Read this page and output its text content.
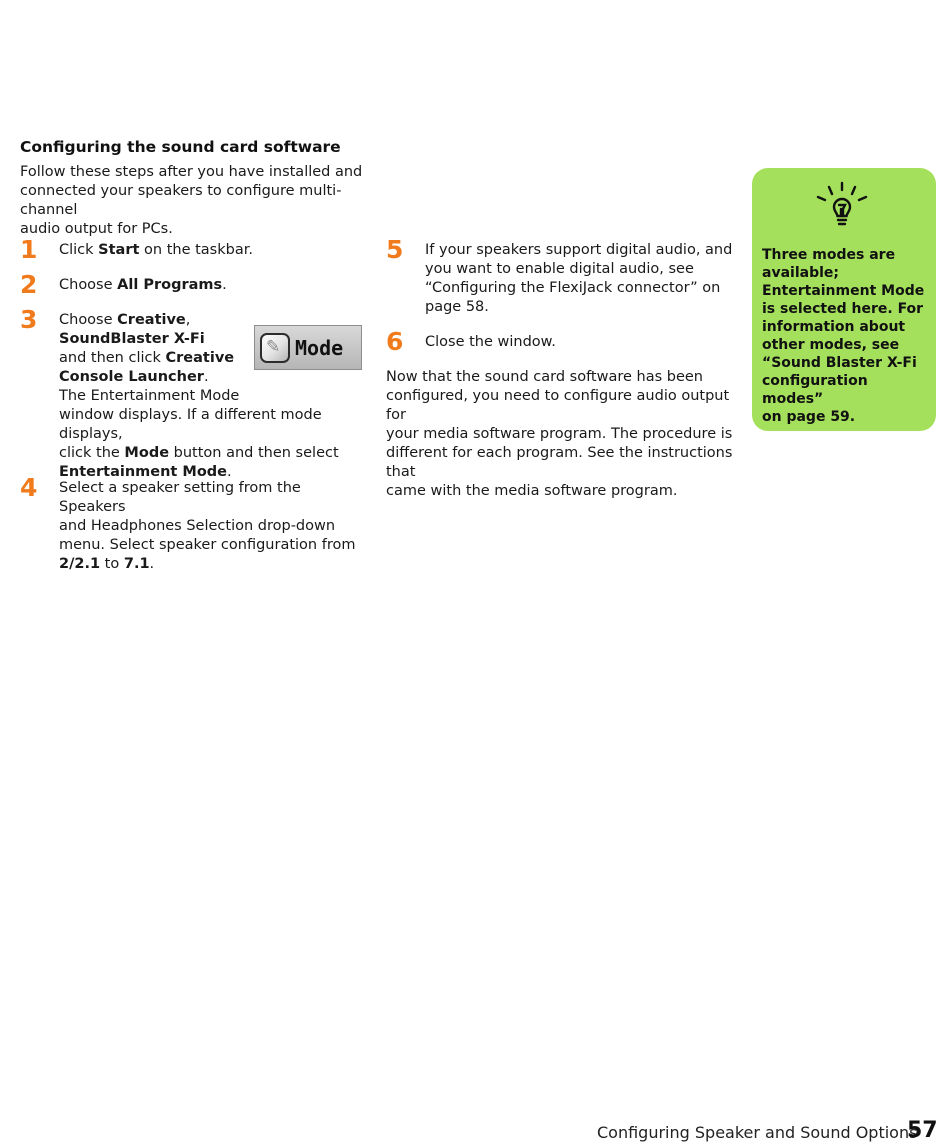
Configuring the sound card software
Follow these steps after you have installed and
connected your speakers to configure multi-channel
audio output for PCs.
1 Click Start on the taskbar.
2 Choose All Programs.
3 Choose Creative,
SoundBlaster X-Fi
and then click Creative
Console Launcher.
The Entertainment Mode
window displays. If a different mode displays,
click the Mode button and then select
Entertainment Mode.
✎ Mode
4 Select a speaker setting from the Speakers
and Headphones Selection drop-down
menu. Select speaker configuration from
2/2.1 to 7.1.
5 If your speakers support digital audio, and
you want to enable digital audio, see
“Configuring the FlexiJack connector” on
page 58.
6 Close the window.
Now that the sound card software has been
configured, you need to configure audio output for
your media software program. The procedure is
different for each program. See the instructions that
came with the media software program.
Three modes are
available;
Entertainment Mode
is selected here. For
information about
other modes, see
“Sound Blaster X-Fi
configuration modes”
on page 59.
Configuring Speaker and Sound Options
57
